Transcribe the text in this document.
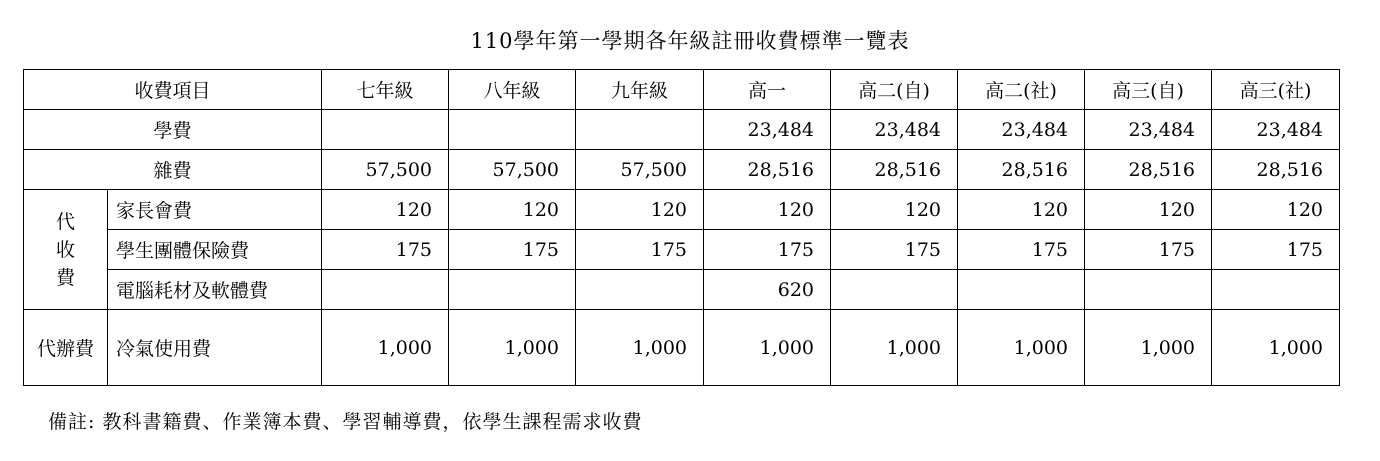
110學年第一學期各年級註冊收費標準一覽表
收費項目		七年級	八年級	九年級	高一	高二(自)	高二(社)	高三(自)	高三(社)
學費					23,484	23,484	23,484	23,484	23,484
雜費		57,500	57,500	57,500	28,516	28,516	28,516	28,516	28,516
代收費	家長會費	120	120	120	120	120	120	120	120
	學生團體保險費	175	175	175	175	175	175	175	175
	電腦耗材及軟體費				620				
代辦費	冷氣使用費	1,000	1,000	1,000	1,000	1,000	1,000	1,000	1,000
備註: 教科書籍費、作業簿本費、學習輔導費，依學生課程需求收費
